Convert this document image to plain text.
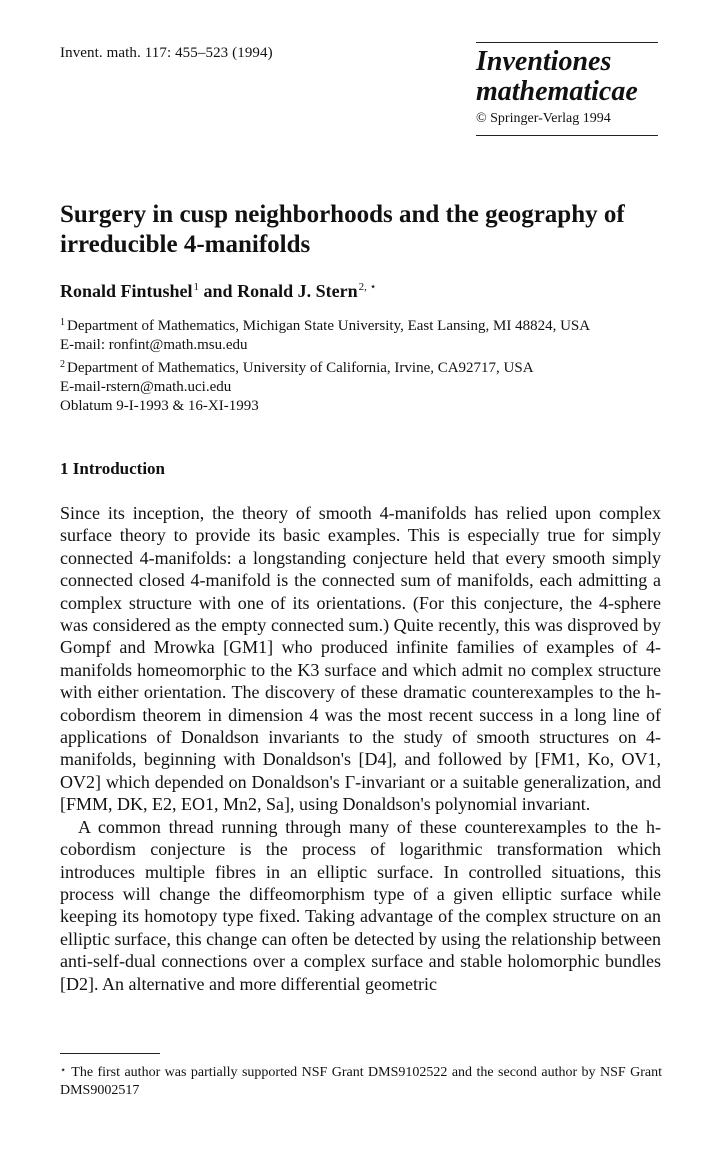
Invent. math. 117: 455–523 (1994)	Inventiones
mathematicae
© Springer-Verlag 1994
Surgery in cusp neighborhoods and the geography of irreducible 4-manifolds
Ronald Fintushel$^1$ and Ronald J. Stern$^{2, ⋆}$
$^1$ Department of Mathematics, Michigan State University, East Lansing, MI 48824, USA
E-mail: ronfint@math.msu.edu
$^2$ Department of Mathematics, University of California, Irvine, CA92717, USA
E-mail-rstern@math.uci.edu
Oblatum 9-I-1993 & 16-XI-1993
1 Introduction

Since its inception, the theory of smooth 4-manifolds has relied upon complex surface theory to provide its basic examples. This is especially true for simply connected 4-manifolds: a longstanding conjecture held that every smooth simply connected closed 4-manifold is the connected sum of manifolds, each admitting a complex structure with one of its orientations. (For this conjecture, the 4-sphere was considered as the empty connected sum.) Quite recently, this was disproved by Gompf and Mrowka [GM1] who produced infinite families of examples of 4-manifolds homeomorphic to the K3 surface and which admit no complex structure with either orientation. The discovery of these dramatic counterexamples to the h-cobordism theorem in dimension 4 was the most recent success in a long line of applications of Donaldson invariants to the study of smooth structures on 4-manifolds, beginning with Donaldson's [D4], and followed by [FM1, Ko, OV1, OV2] which depended on Donaldson's Γ-invariant or a suitable generalization, and [FMM, DK, E2, EO1, Mn2, Sa], using Donaldson's polynomial invariant.

A common thread running through many of these counterexamples to the h-cobordism conjecture is the process of logarithmic transformation which introduces multiple fibres in an elliptic surface. In controlled situations, this process will change the diffeomorphism type of a given elliptic surface while keeping its homotopy type fixed. Taking advantage of the complex structure on an elliptic surface, this change can often be detected by using the relationship between anti-self-dual connections over a complex surface and stable holomorphic bundles [D2]. An alternative and more differential geometric

⋆ The first author was partially supported NSF Grant DMS9102522 and the second author by NSF Grant DMS9002517
